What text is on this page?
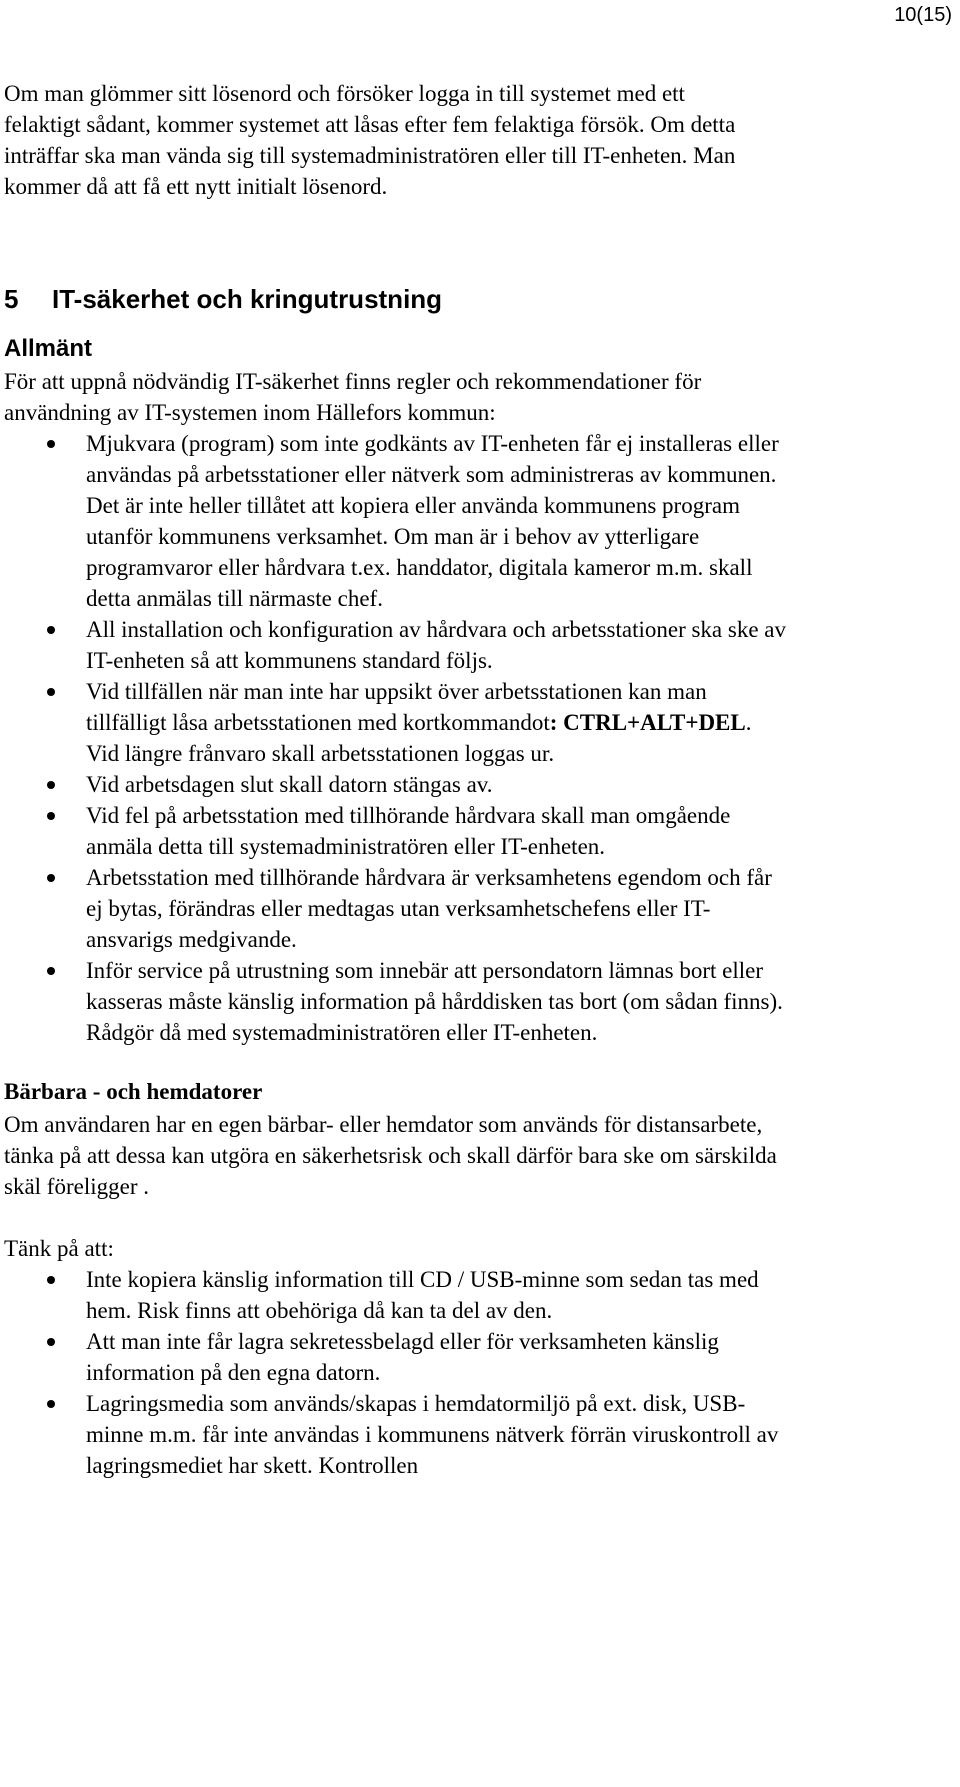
10(15)

Om man glömmer sitt lösenord och försöker logga in till systemet med ett felaktigt sådant, kommer systemet att låsas efter fem felaktiga försök. Om detta inträffar ska man vända sig till systemadministratören eller till IT-enheten. Man kommer då att få ett nytt initialt lösenord.

5 IT-säkerhet och kringutrustning
Allmänt

För att uppnå nödvändig IT-säkerhet finns regler och rekommendationer för användning av IT-systemen inom Hällefors kommun:

Mjukvara (program) som inte godkänts av IT-enheten får ej installeras eller användas på arbetsstationer eller nätverk som administreras av kommunen. Det är inte heller tillåtet att kopiera eller använda kommunens program utanför kommunens verksamhet. Om man är i behov av ytterligare programvaror eller hårdvara t.ex. handdator, digitala kameror m.m. skall detta anmälas till närmaste chef.
All installation och konfiguration av hårdvara och arbetsstationer ska ske av IT-enheten så att kommunens standard följs.
Vid tillfällen när man inte har uppsikt över arbetsstationen kan man tillfälligt låsa arbetsstationen med kortkommandot: CTRL+ALT+DEL. Vid längre frånvaro skall arbetsstationen loggas ur.
Vid arbetsdagen slut skall datorn stängas av.
Vid fel på arbetsstation med tillhörande hårdvara skall man omgående anmäla detta till systemadministratören eller IT-enheten.
Arbetsstation med tillhörande hårdvara är verksamhetens egendom och får ej bytas, förändras eller medtagas utan verksamhetschefens eller IT-ansvarigs medgivande.
Inför service på utrustning som innebär att persondatorn lämnas bort eller kasseras måste känslig information på hårddisken tas bort (om sådan finns). Rådgör då med systemadministratören eller IT-enheten.
Bärbara - och hemdatorer

Om användaren har en egen bärbar- eller hemdator som används för distansarbete, tänka på att dessa kan utgöra en säkerhetsrisk och skall därför bara ske om särskilda skäl föreligger .

Tänk på att:

Inte kopiera känslig information till CD / USB-minne som sedan tas med hem. Risk finns att obehöriga då kan ta del av den.
Att man inte får lagra sekretessbelagd eller för verksamheten känslig information på den egna datorn.
Lagringsmedia som används/skapas i hemdatormiljö på ext. disk, USB-minne m.m. får inte användas i kommunens nätverk förrän viruskontroll av lagringsmediet har skett. Kontrollen
